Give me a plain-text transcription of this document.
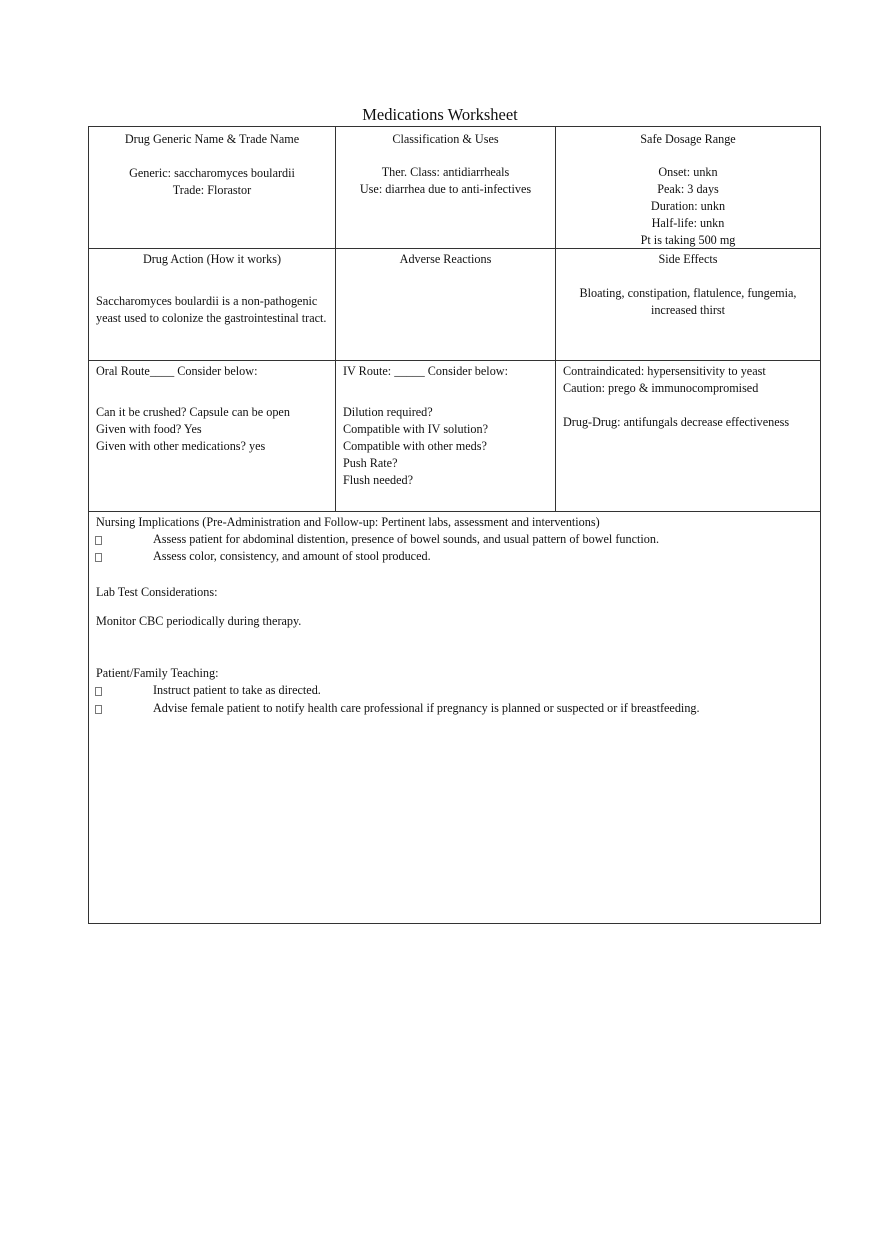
Medications Worksheet
Drug Generic Name & Trade Name
Generic: saccharomyces boulardii
Trade: Florastor
Classification & Uses
Ther. Class: antidiarrheals
Use: diarrhea due to anti-infectives
Safe Dosage Range
Onset: unkn
Peak: 3 days
Duration: unkn
Half-life: unkn
Pt is taking 500 mg
Drug Action (How it works)
Saccharomyces boulardii is a non-pathogenic yeast used to colonize the gastrointestinal tract.
Adverse Reactions	Side Effects
Bloating, constipation, flatulence, fungemia, increased thirst
Oral Route____ Consider below:
Can it be crushed? Capsule can be open
Given with food? Yes
Given with other medications? yes
IV Route: _____ Consider below:
Dilution required?
Compatible with IV solution?
Compatible with other meds?
Push Rate?
Flush needed?
Contraindicated: hypersensitivity to yeast
Caution: prego & immunocompromised
Drug-Drug: antifungals decrease effectiveness
Nursing Implications (Pre-Administration and Follow-up: Pertinent labs, assessment and interventions)
Assess patient for abdominal distention, presence of bowel sounds, and usual pattern of bowel function.
Assess color, consistency, and amount of stool produced.
Lab Test Considerations:
Monitor CBC periodically during therapy.
Patient/Family Teaching:
Instruct patient to take as directed.
Advise female patient to notify health care professional if pregnancy is planned or suspected or if breastfeeding.
